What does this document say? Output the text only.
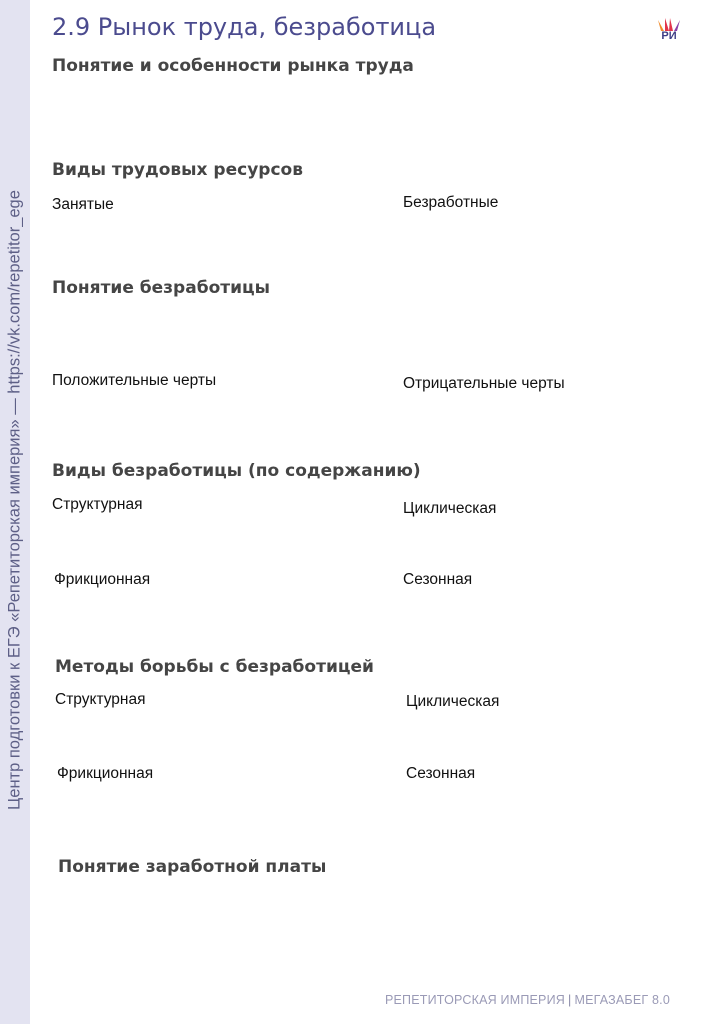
Центр подготовки к ЕГЭ «Репетиторская империя» — https://vk.com/repetitor_ege
2.9 Рынок труда, безработица	РИ
Понятие и особенности рынка труда
Виды трудовых ресурсов
Занятые	Безработные
Понятие безработицы
Положительные черты	Отрицательные черты
Виды безработицы (по содержанию)
Структурная	Циклическая
Фрикционная	Сезонная
Методы борьбы с безработицей
Структурная	Циклическая
Фрикционная	Сезонная
Понятие заработной платы
РЕПЕТИТОРСКАЯ ИМПЕРИЯ | МЕГАЗАБЕГ 8.0
